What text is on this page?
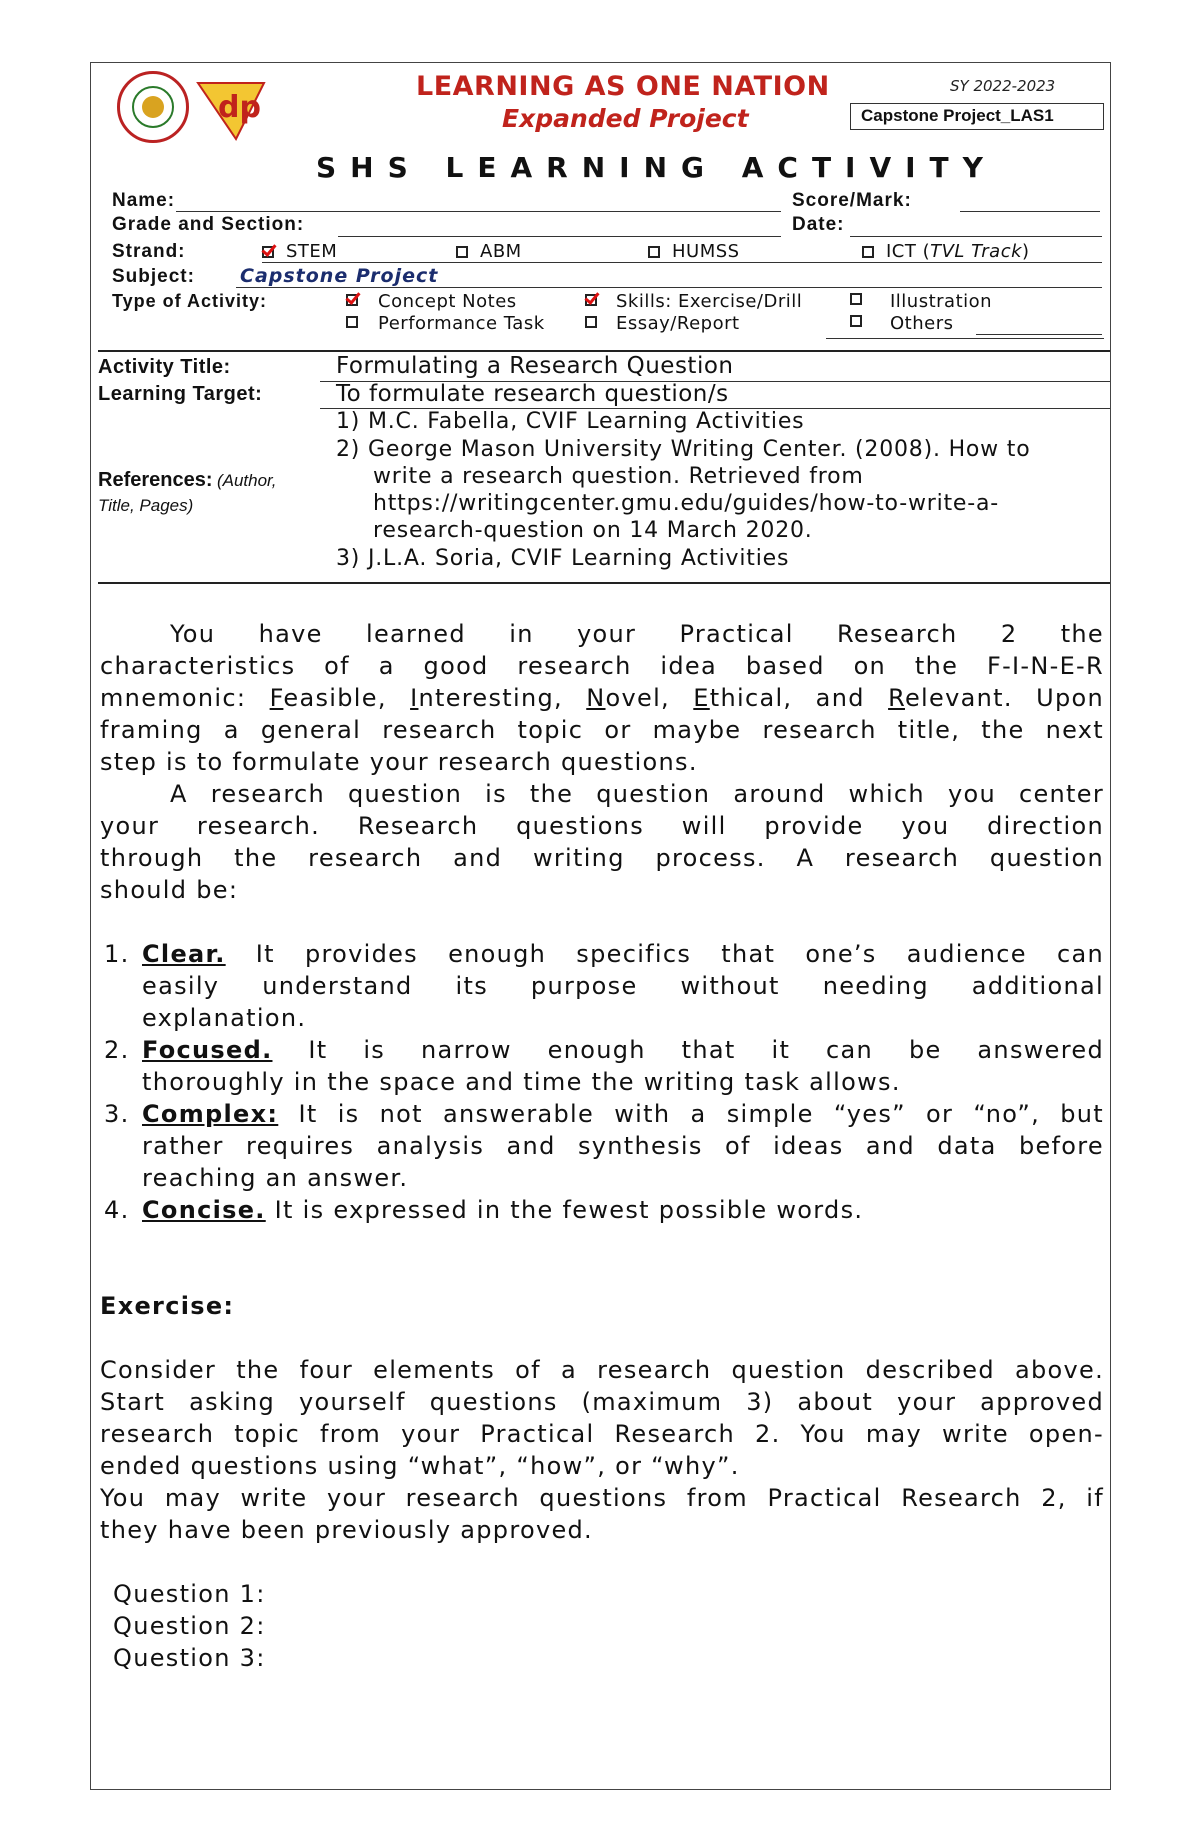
dp
LEARNING AS ONE NATION
Expanded Project
SY 2022-2023
Capstone Project_LAS1
SHS LEARNING ACTIVITY
Name:	Score/Mark:
Grade and Section:	Date:
Strand:	STEM	ABM	HUMSS	ICT (TVL Track)
Subject: Capstone Project
Type of Activity:	Concept Notes	Skills: Exercise/Drill	Illustration
Performance Task	Essay/Report	Others
Activity Title:	Formulating a Research Question
Learning Target:	To formulate research question/s
References: (Author,
Title, Pages)
1) M.C. Fabella, CVIF Learning Activities
2) George Mason University Writing Center. (2008). How to
write a research question. Retrieved from
https://writingcenter.gmu.edu/guides/how-to-write-a-
research-question on 14 March 2020.
3) J.L.A. Soria, CVIF Learning Activities
You have learned in your Practical Research 2 the
characteristics of a good research idea based on the F-I-N-E-R
mnemonic: Feasible, Interesting, Novel, Ethical, and Relevant. Upon
framing a general research topic or maybe research title, the next
step is to formulate your research questions.
A research question is the question around which you center
your research. Research questions will provide you direction
through the research and writing process. A research question
should be:
1. Clear. It provides enough specifics that one’s audience can
easily understand its purpose without needing additional
explanation.
2. Focused. It is narrow enough that it can be answered
thoroughly in the space and time the writing task allows.
3. Complex: It is not answerable with a simple “yes” or “no”, but
rather requires analysis and synthesis of ideas and data before
reaching an answer.
4. Concise. It is expressed in the fewest possible words.
Exercise:
Consider the four elements of a research question described above.
Start asking yourself questions (maximum 3) about your approved
research topic from your Practical Research 2. You may write open-
ended questions using “what”, “how”, or “why”.
You may write your research questions from Practical Research 2, if
they have been previously approved.
Question 1:
Question 2:
Question 3:
